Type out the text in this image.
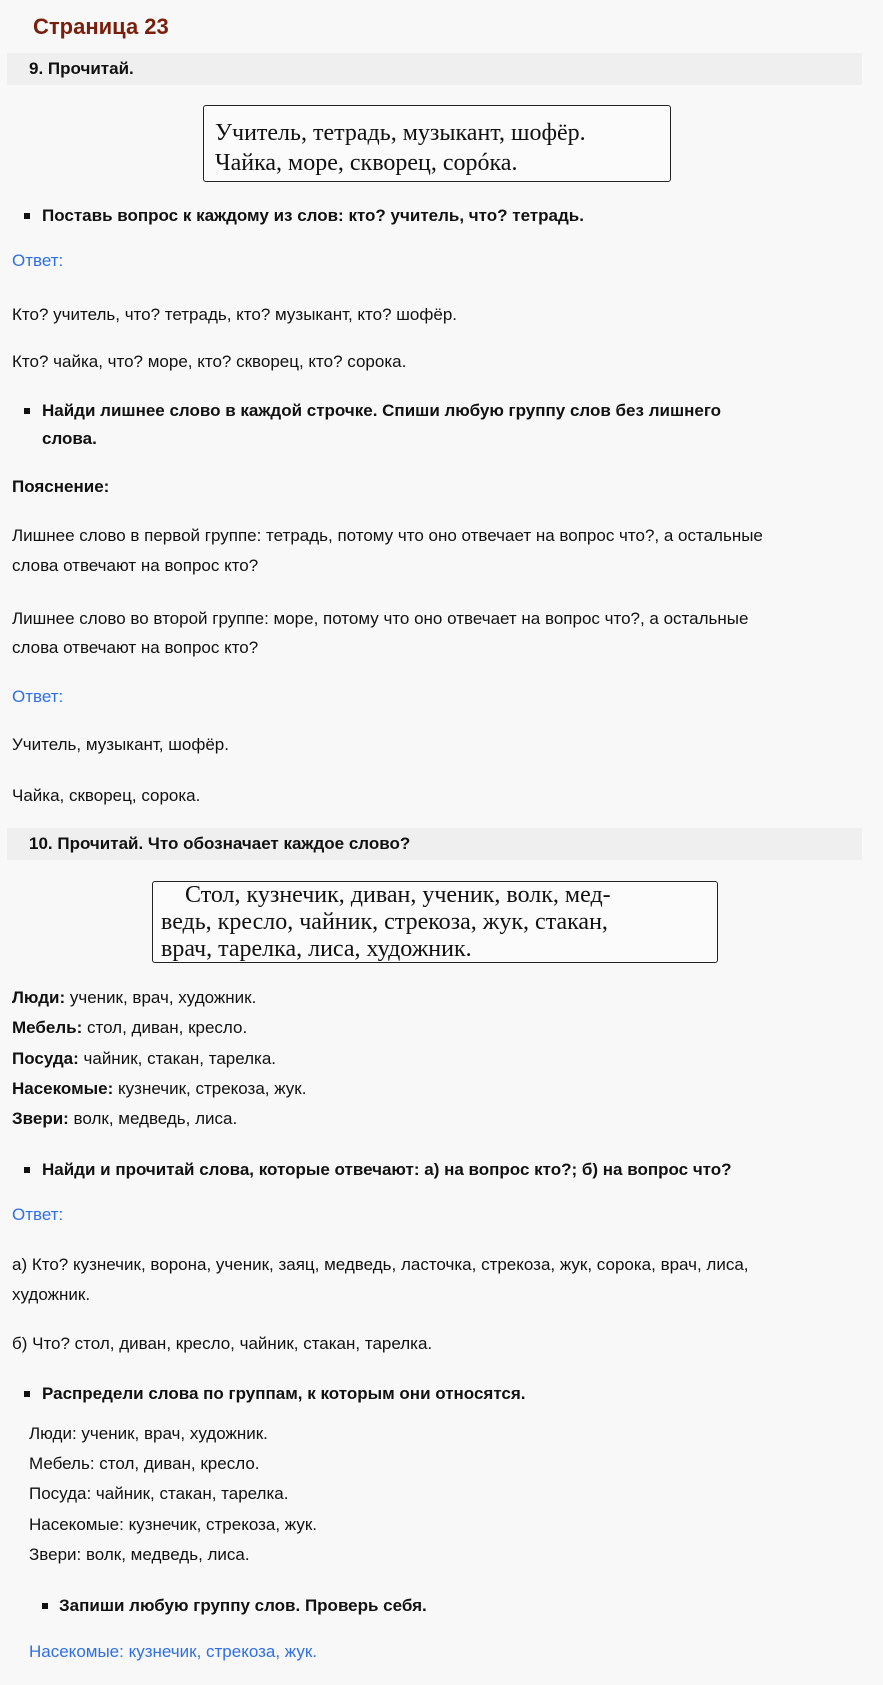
Страница 23
9. Прочитай.
Учитель, тетрадь, музыкант, шофёр.
Чайка, море, скворец, сорóка.
Поставь вопрос к каждому из слов: кто? учитель, что? тетрадь.
Ответ:
Кто? учитель, что? тетрадь, кто? музыкант, кто? шофёр.
Кто? чайка, что? море, кто? скворец, кто? сорока.
Найди лишнее слово в каждой строчке. Спиши любую группу слов без лишнего
слова.
Пояснение:
Лишнее слово в первой группе: тетрадь, потому что оно отвечает на вопрос что?, а остальные
слова отвечают на вопрос кто?
Лишнее слово во второй группе: море, потому что оно отвечает на вопрос что?, а остальные
слова отвечают на вопрос кто?
Ответ:
Учитель, музыкант, шофёр.
Чайка, скворец, сорока.
10. Прочитай. Что обозначает каждое слово?
Стол, кузнечик, диван, ученик, волк, мед-
ведь, кресло, чайник, стрекоза, жук, стакан,
врач, тарелка, лиса, художник.
Люди: ученик, врач, художник.
Мебель: стол, диван, кресло.
Посуда: чайник, стакан, тарелка.
Насекомые: кузнечик, стрекоза, жук.
Звери: волк, медведь, лиса.
Найди и прочитай слова, которые отвечают: а) на вопрос кто?; б) на вопрос что?
Ответ:
а) Кто? кузнечик, ворона, ученик, заяц, медведь, ласточка, стрекоза, жук, сорока, врач, лиса,
художник.
б) Что? стол, диван, кресло, чайник, стакан, тарелка.
Распредели слова по группам, к которым они относятся.
Люди: ученик, врач, художник.
Мебель: стол, диван, кресло.
Посуда: чайник, стакан, тарелка.
Насекомые: кузнечик, стрекоза, жук.
Звери: волк, медведь, лиса.
Запиши любую группу слов. Проверь себя.
Насекомые: кузнечик, стрекоза, жук.
